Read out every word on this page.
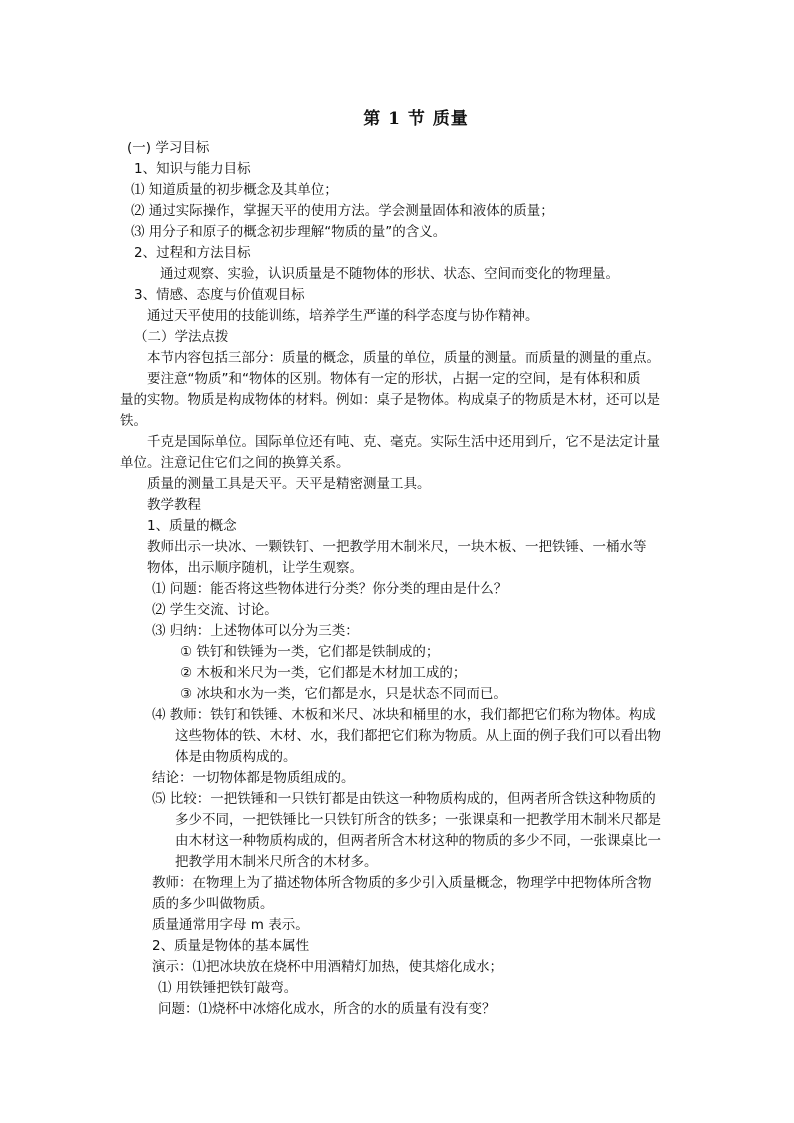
第 1 节 质量
(一) 学习目标
1、知识与能力目标
⑴ 知道质量的初步概念及其单位；
⑵ 通过实际操作，掌握天平的使用方法。学会测量固体和液体的质量；
⑶ 用分子和原子的概念初步理解“物质的量”的含义。
2、过程和方法目标
通过观察、实验，认识质量是不随物体的形状、状态、空间而变化的物理量。
3、情感、态度与价值观目标
通过天平使用的技能训练，培养学生严谨的科学态度与协作精神。
（二）学法点拨
本节内容包括三部分：质量的概念，质量的单位，质量的测量。而质量的测量的重点。
要注意“物质”和“物体的区别。物体有一定的形状，占据一定的空间，是有体积和质
量的实物。物质是构成物体的材料。例如：桌子是物体。构成桌子的物质是木材，还可以是
铁。
千克是国际单位。国际单位还有吨、克、毫克。实际生活中还用到斤，它不是法定计量
单位。注意记住它们之间的换算关系。
质量的测量工具是天平。天平是精密测量工具。
教学教程
1、质量的概念
教师出示一块冰、一颗铁钉、一把教学用木制米尺，一块木板、一把铁锤、一桶水等
物体，出示顺序随机，让学生观察。
⑴ 问题：能否将这些物体进行分类？你分类的理由是什么？
⑵ 学生交流、讨论。
⑶ 归纳：上述物体可以分为三类：
① 铁钉和铁锤为一类，它们都是铁制成的；
② 木板和米尺为一类，它们都是木材加工成的；
③ 冰块和水为一类，它们都是水，只是状态不同而已。
⑷ 教师：铁钉和铁锤、木板和米尺、冰块和桶里的水，我们都把它们称为物体。构成
这些物体的铁、木材、水，我们都把它们称为物质。从上面的例子我们可以看出物
体是由物质构成的。
结论：一切物体都是物质组成的。
⑸ 比较：一把铁锤和一只铁钉都是由铁这一种物质构成的，但两者所含铁这种物质的
多少不同，一把铁锤比一只铁钉所含的铁多；一张课桌和一把教学用木制米尺都是
由木材这一种物质构成的，但两者所含木材这种的物质的多少不同，一张课桌比一
把教学用木制米尺所含的木材多。
教师：在物理上为了描述物体所含物质的多少引入质量概念，物理学中把物体所含物
质的多少叫做物质。
质量通常用字母 m 表示。
2、质量是物体的基本属性
演示：⑴把冰块放在烧杯中用酒精灯加热，使其熔化成水；
⑴ 用铁锤把铁钉敲弯。
问题：⑴烧杯中冰熔化成水，所含的水的质量有没有变？
